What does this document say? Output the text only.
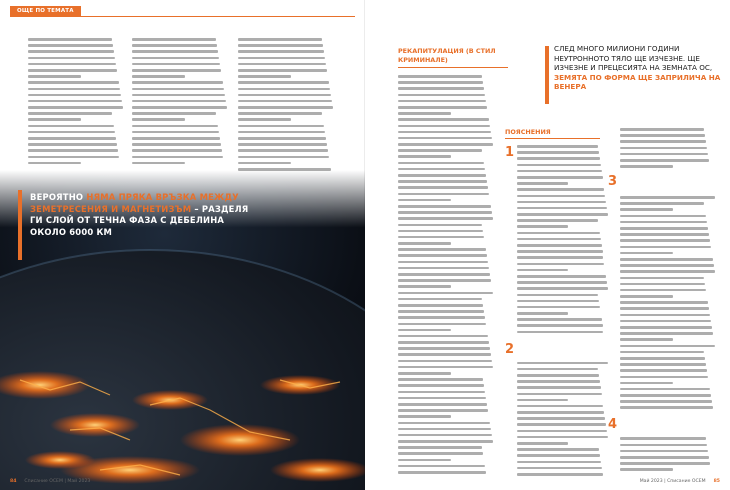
ОЩЕ ПО ТЕМАТА
ВЕРОЯТНО НЯМА ПРЯКА ВРЪЗКА МЕЖДУ ЗЕМЕТРЕСЕНИЯ И МАГНЕТИЗЪМ – РАЗДЕЛЯ ГИ СЛОЙ ОТ ТЕЧНА ФАЗА С ДЕБЕЛИНА ОКОЛО 6000 КМ
84 Списание ОСЕМ | Май 2023
РЕКАПИТУЛАЦИЯ (В СТИЛ КРИМИНАЛЕ)
СЛЕД МНОГО МИЛИОНИ ГОДИНИ НЕУТРОННОТО ТЯЛО ЩЕ ИЗЧЕЗНЕ. ЩЕ ИЗЧЕЗНЕ И ПРЕЦЕСИЯТА НА ЗЕМНАТА ОС, ЗЕМЯТА ПО ФОРМА ЩЕ ЗАПРИЛИЧА НА ВЕНЕРА
ПОЯСНЕНИЯ
1
2
3
4
Май 2023 | Списание ОСЕМ 85
